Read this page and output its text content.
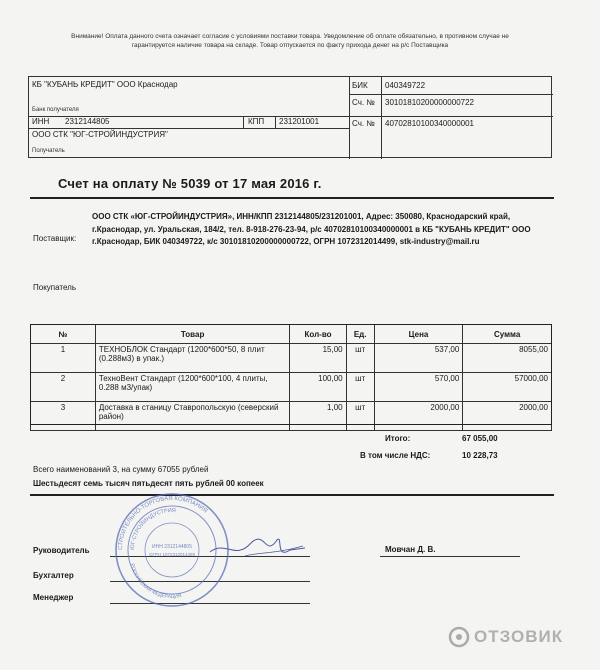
Внимание! Оплата данного счета означает согласие с условиями поставки товара. Уведомление об оплате обязательно, в противном случае не гарантируется наличие товара на складе. Товар отпускается по факту прихода денег на р/с Поставщика
КБ "КУБАНЬ КРЕДИТ" ООО Краснодар
Банк получателя
БИК 040349722
Сч. № 30101810200000000722
ИНН 2312144805	КПП 231201001	Сч. № 40702810100340000001
ООО СТК "ЮГ-СТРОЙИНДУСТРИЯ"
Получатель
Счет на оплату № 5039 от 17 мая 2016 г.
Поставщик:
ООО СТК «ЮГ-СТРОЙИНДУСТРИЯ», ИНН/КПП 2312144805/231201001, Адрес: 350080, Краснодарский край, г.Краснодар, ул. Уральская, 184/2, тел. 8-918-276-23-94, р/с 40702810100340000001 в КБ "КУБАНЬ КРЕДИТ" ООО г.Краснодар, БИК 040349722, к/с 30101810200000000722, ОГРН 1072312014499, stk-industry@mail.ru
Покупатель
№	Товар	Кол-во	Ед.	Цена	Сумма
1	ТЕХНОБЛОК Стандарт (1200*600*50, 8 плит (0.288м3) в упак.)	15,00	шт	537,00	8055,00
2	ТехноВент Стандарт (1200*600*100, 4 плиты, 0.288 м3/упак)	100,00	шт	570,00	57000,00
3	Доставка в станицу Ставропольскую (северский район)	1,00	шт	2000,00	2000,00
Итого:	67 055,00
В том числе НДС:	10 228,73
Всего наименований 3, на сумму 67055 рублей
Шестьдесят семь тысяч пятьдесят пять рублей 00 копеек
Руководитель	Мовчан Д. В.
Бухгалтер
Менеджер
СТРОИТЕЛЬНО-ТОРГОВАЯ КОМПАНИЯ
ЮГ-СТРОЙИНДУСТРИЯ
РОССИЙСКАЯ ФЕДЕРАЦИЯ
ИНН 2312144805
ОГРН 1072312014499
ОТЗОВИК
